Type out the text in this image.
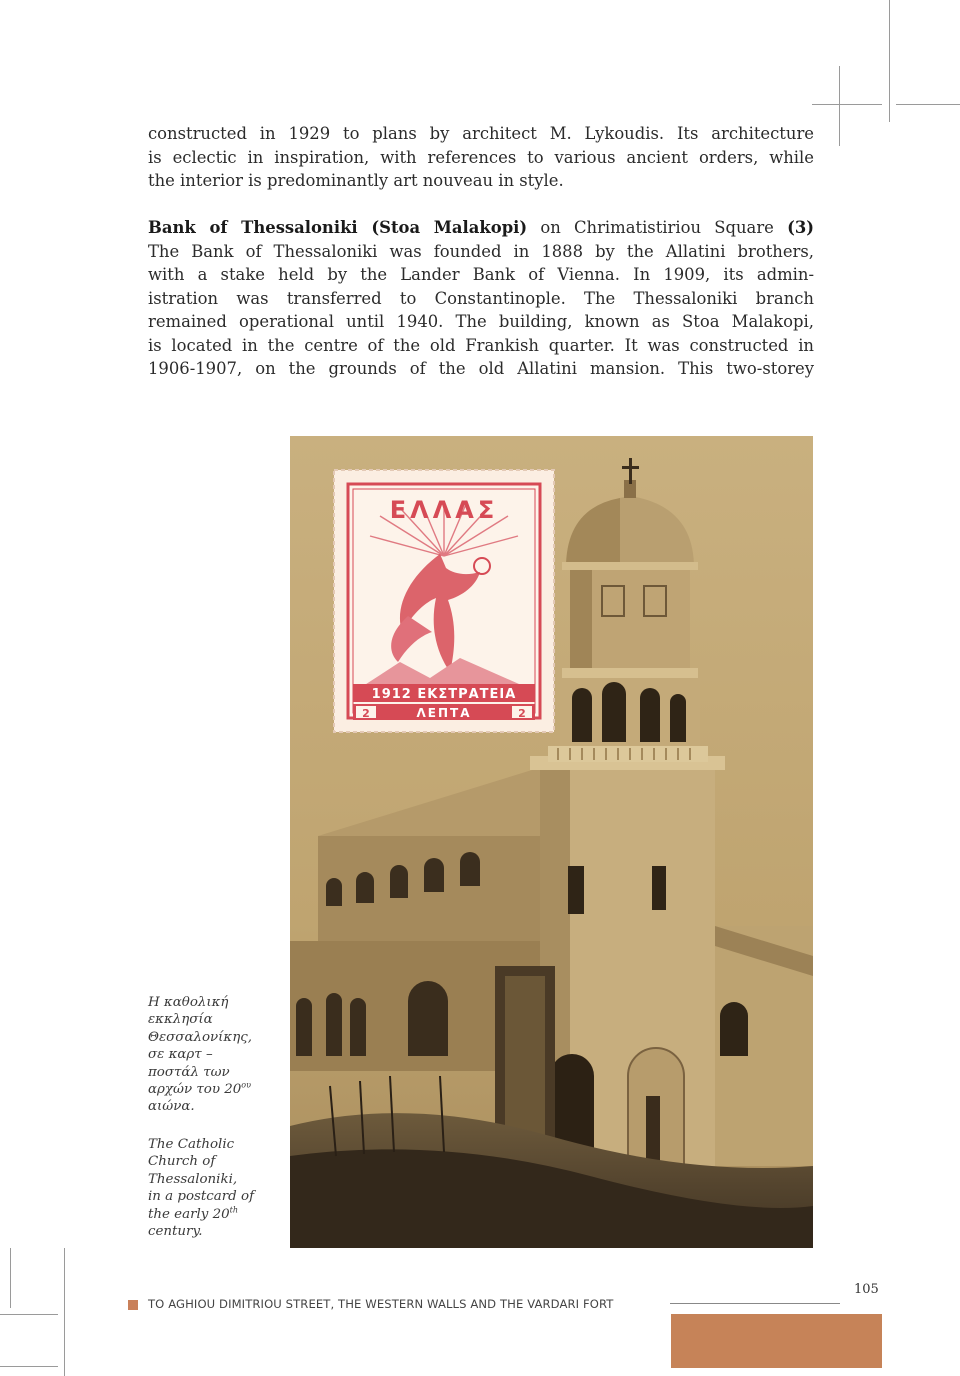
constructed in 1929 to plans by architect M. Lykoudis. Its architecture
is eclectic in inspiration, with references to various ancient orders, while
the interior is predominantly art nouveau in style.
Bank of Thessaloniki (Stoa Malakopi) on Chrimatistiriou Square (3)
The Bank of Thessaloniki was founded in 1888 by the Allatini brothers,
with a stake held by the Lander Bank of Vienna. In 1909, its admin-
istration was transferred to Constantinople. The Thessaloniki branch
remained operational until 1940. The building, known as Stoa Malakopi,
is located in the centre of the old Frankish quarter. It was constructed in
1906-1907, on the grounds of the old Allatini mansion. This two-storey
ΕΛΛΑΣ
1912 ΕΚΣΤΡΑΤΕΙΑ
2	ΛΕΠΤΑ	2
Η καθολική
εκκλησία
Θεσσαλονίκης,
σε καρτ –
ποστάλ των
αρχών του $20^{o\upsilon}$
αιώνα.
The Catholic
Church of
Thessaloniki,
in a postcard of
the early 20th
century.
TO AGHIOU DIMITRIOU STREET, THE WESTERN WALLS AND THE VARDARI FORT
105
